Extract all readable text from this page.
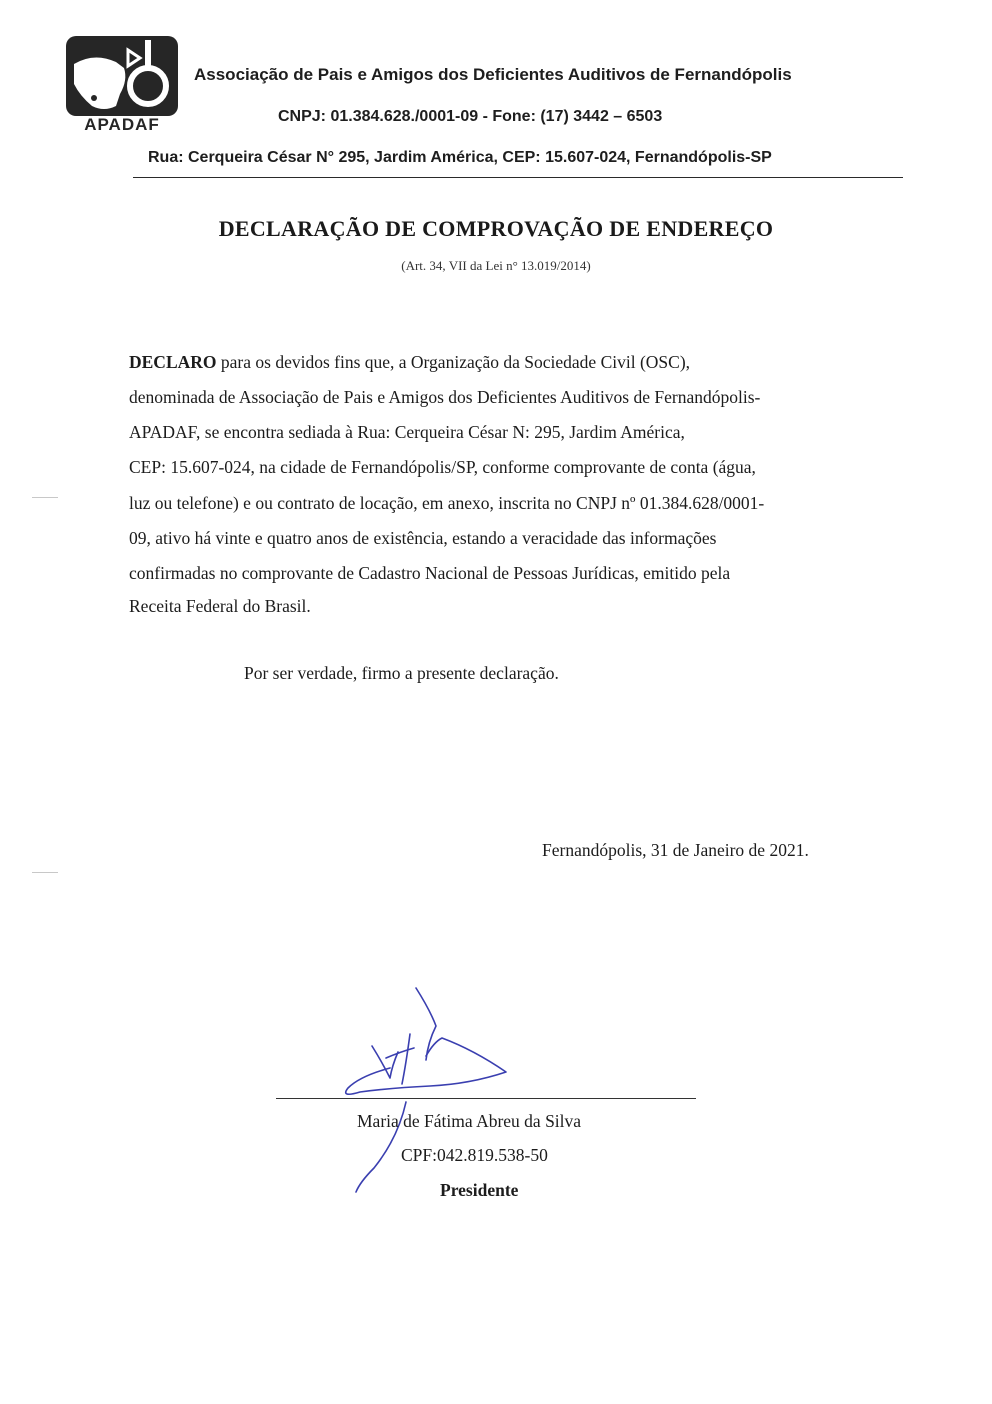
APADAF
Associação de Pais e Amigos dos Deficientes Auditivos de Fernandópolis
CNPJ: 01.384.628./0001-09 - Fone: (17) 3442 – 6503
Rua: Cerqueira César N° 295, Jardim América, CEP: 15.607-024, Fernandópolis-SP
DECLARAÇÃO DE COMPROVAÇÃO DE ENDEREÇO
(Art. 34, VII da Lei n° 13.019/2014)
DECLARO para os devidos fins que, a Organização da Sociedade Civil (OSC),
denominada de Associação de Pais e Amigos dos Deficientes Auditivos de Fernandópolis-
APADAF, se encontra sediada à Rua: Cerqueira César N: 295, Jardim América,
CEP: 15.607-024, na cidade de Fernandópolis/SP, conforme comprovante de conta (água,
luz ou telefone) e ou contrato de locação, em anexo, inscrita no CNPJ nº 01.384.628/0001-
09, ativo há vinte e quatro anos de existência, estando a veracidade das informações
confirmadas no comprovante de Cadastro Nacional de Pessoas Jurídicas, emitido pela
Receita Federal do Brasil.
Por ser verdade, firmo a presente declaração.
Fernandópolis, 31 de Janeiro de 2021.
Maria de Fátima Abreu da Silva
CPF:042.819.538-50
Presidente
